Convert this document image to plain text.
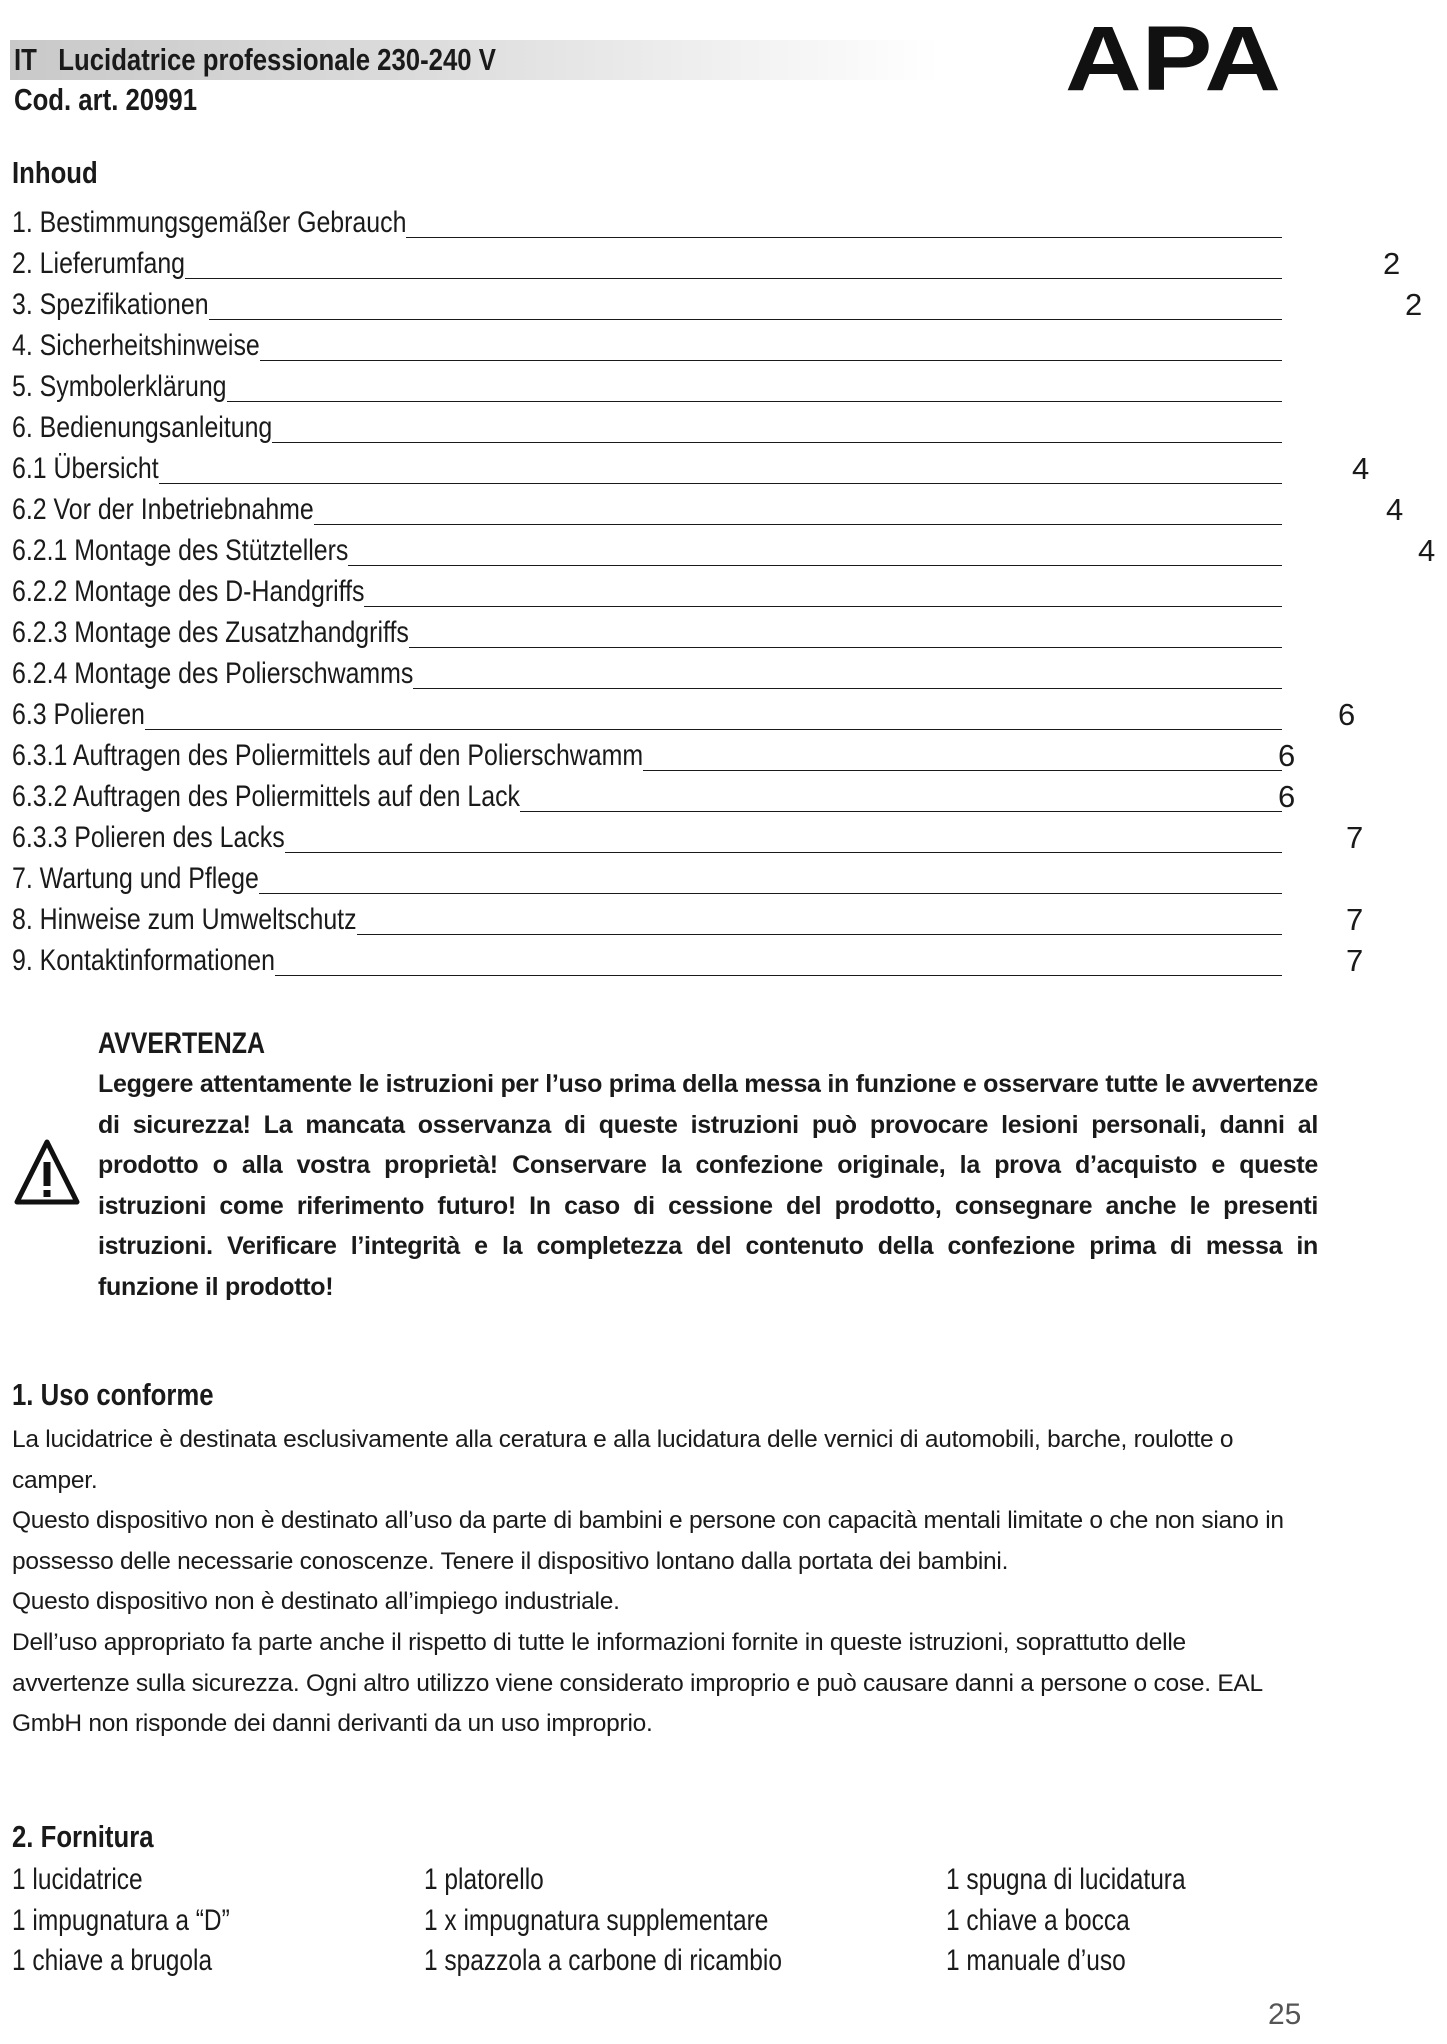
IT   Lucidatrice professionale 230-240 V
Cod. art. 20991	APA
Inhoud
1. Bestimmungsgemäßer Gebrauch
2. Lieferumfang	2
3. Spezifikationen	2
4. Sicherheitshinweise
5. Symbolerklärung
6. Bedienungsanleitung
6.1 Übersicht	4
6.2 Vor der Inbetriebnahme	4
6.2.1 Montage des Stütztellers	4
6.2.2 Montage des D-Handgriffs
6.2.3 Montage des Zusatzhandgriffs
6.2.4 Montage des Polierschwamms
6.3 Polieren	6
6.3.1 Auftragen des Poliermittels auf den Polierschwamm	6
6.3.2 Auftragen des Poliermittels auf den Lack	6
6.3.3 Polieren des Lacks	7
7. Wartung und Pflege
8. Hinweise zum Umweltschutz	7
9. Kontaktinformationen	7
AVVERTENZA
Leggere attentamente le istruzioni per l’uso prima della messa in funzione e osservare tutte le avvertenze di sicurezza! La mancata osservanza di queste istruzioni può provocare lesioni personali, danni al prodotto o alla vostra proprietà! Conservare la confezione originale, la prova d’acquisto e queste istruzioni come riferimento futuro! In caso di cessione del prodotto, consegnare anche le presenti istruzioni. Verificare l’integrità e la completezza del contenuto della confezione prima di messa in funzione il prodotto!
1. Uso conforme

La lucidatrice è destinata esclusivamente alla ceratura e alla lucidatura delle vernici di automobili, barche, roulotte o camper.

Questo dispositivo non è destinato all’uso da parte di bambini e persone con capacità mentali limitate o che non siano in possesso delle necessarie conoscenze. Tenere il dispositivo lontano dalla portata dei bambini.

Questo dispositivo non è destinato all’impiego industriale.

Dell’uso appropriato fa parte anche il rispetto di tutte le informazioni fornite in queste istruzioni, soprattutto delle avvertenze sulla sicurezza. Ogni altro utilizzo viene considerato improprio e può causare danni a persone o cose. EAL GmbH non risponde dei danni derivanti da un uso improprio.

2. Fornitura
1 lucidatrice	1 platorello	1 spugna di lucidatura
1 impugnatura a “D”	1 x impugnatura supplementare	1 chiave a bocca
1 chiave a brugola	1 spazzola a carbone di ricambio	1 manuale d’uso
25
